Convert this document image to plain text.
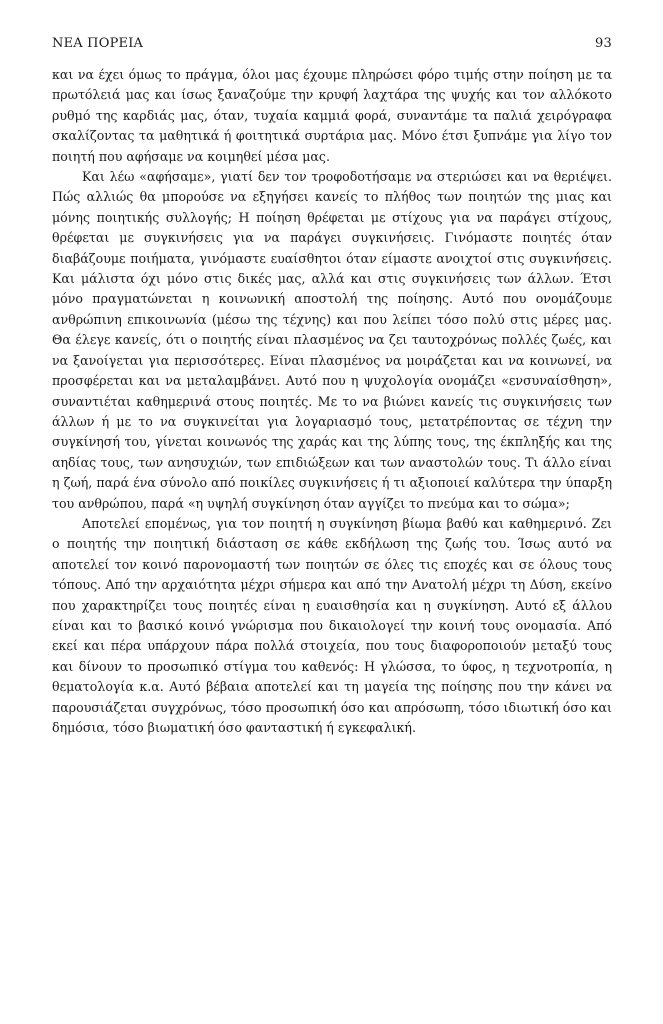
ΝΕΑ ΠΟΡΕΙΑ	93

και να έχει όμως το πράγμα, όλοι μας έχουμε πληρώσει φόρο τιμής στην ποίηση με τα πρωτόλειά μας και ίσως ξαναζούμε την κρυφή λαχτάρα της ψυχής και τον αλλόκοτο ρυθμό της καρδιάς μας, όταν, τυχαία καμμιά φορά, συναντάμε τα παλιά χειρόγραφα σκαλίζοντας τα μαθητικά ή φοιτητικά συρτάρια μας. Μόνο έτσι ξυπνάμε για λίγο τον ποιητή που αφήσαμε να κοιμηθεί μέσα μας.

Και λέω «αφήσαμε», γιατί δεν τον τροφοδοτήσαμε να στεριώσει και να θεριέψει. Πώς αλλιώς θα μπορούσε να εξηγήσει κανείς το πλήθος των ποιητών της μιας και μόνης ποιητικής συλλογής; Η ποίηση θρέφεται με στίχους για να παράγει στίχους, θρέφεται με συγκινήσεις για να παράγει συγκινήσεις. Γινόμαστε ποιητές όταν διαβάζουμε ποιήματα, γινόμαστε ευαίσθητοι όταν είμαστε ανοιχτοί στις συγκινήσεις. Και μάλιστα όχι μόνο στις δικές μας, αλλά και στις συγκινήσεις των άλλων. Έτσι μόνο πραγματώνεται η κοινωνική αποστολή της ποίησης. Αυτό που ονομάζουμε ανθρώπινη επικοινωνία (μέσω της τέχνης) και που λείπει τόσο πολύ στις μέρες μας. Θα έλεγε κανείς, ότι ο ποιητής είναι πλασμένος να ζει ταυτοχρόνως πολλές ζωές, και να ξανοίγεται για περισσότερες. Είναι πλασμένος να μοιράζεται και να κοινωνεί, να προσφέρεται και να μεταλαμβάνει. Αυτό που η ψυχολογία ονομάζει «ενσυναίσθηση», συναντιέται καθημερινά στους ποιητές. Με το να βιώνει κανείς τις συγκινήσεις των άλλων ή με το να συγκινείται για λογαριασμό τους, μετατρέποντας σε τέχνη την συγκίνησή του, γίνεται κοινωνός της χαράς και της λύπης τους, της έκπληξής και της αηδίας τους, των ανησυχιών, των επιδιώξεων και των αναστολών τους. Τι άλλο είναι η ζωή, παρά ένα σύνολο από ποικίλες συγκινήσεις ή τι αξιοποιεί καλύτερα την ύπαρξη του ανθρώπου, παρά «η υψηλή συγκίνηση όταν αγγίζει το πνεύμα και το σώμα»;

Αποτελεί επομένως, για τον ποιητή η συγκίνηση βίωμα βαθύ και καθημερινό. Ζει ο ποιητής την ποιητική διάσταση σε κάθε εκδήλωση της ζωής του. Ίσως αυτό να αποτελεί τον κοινό παρονομαστή των ποιητών σε όλες τις εποχές και σε όλους τους τόπους. Από την αρχαιότητα μέχρι σήμερα και από την Ανατολή μέχρι τη Δύση, εκείνο που χαρακτηρίζει τους ποιητές είναι η ευαισθησία και η συγκίνηση. Αυτό εξ άλλου είναι και το βασικό κοινό γνώρισμα που δικαιολογεί την κοινή τους ονομασία. Από εκεί και πέρα υπάρχουν πάρα πολλά στοιχεία, που τους διαφοροποιούν μεταξύ τους και δίνουν το προσωπικό στίγμα του καθενός: Η γλώσσα, το ύφος, η τεχνοτροπία, η θεματολογία κ.α. Αυτό βέβαια αποτελεί και τη μαγεία της ποίησης που την κάνει να παρουσιάζεται συγχρόνως, τόσο προσωπική όσο και απρόσωπη, τόσο ιδιωτική όσο και δημόσια, τόσο βιωματική όσο φανταστική ή εγκεφαλική.
